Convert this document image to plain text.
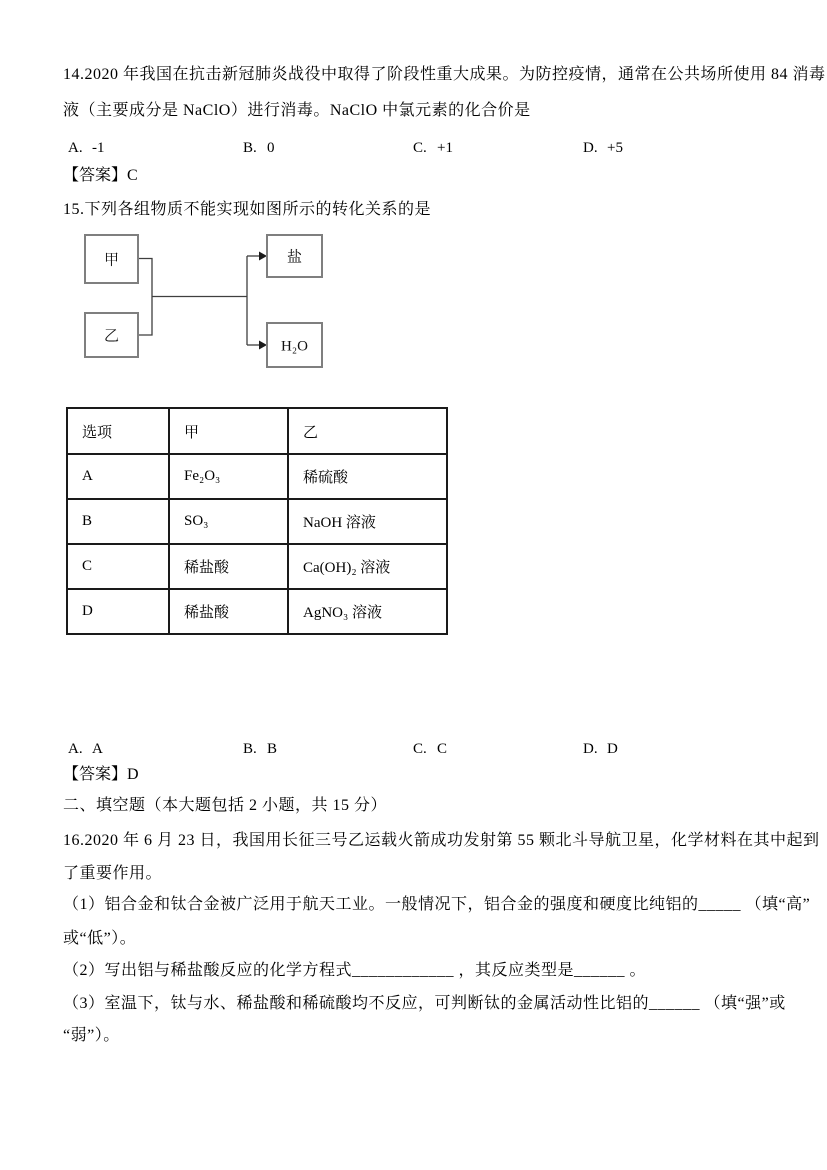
14.2020 年我国在抗击新冠肺炎战役中取得了阶段性重大成果。为防控疫情，通常在公共场所使用 84 消毒
液（主要成分是 NaClO）进行消毒。NaClO 中氯元素的化合价是
A. -1	B. 0	C. +1	D. +5
【答案】C
15.下列各组物质不能实现如图所示的转化关系的是
甲
乙
盐
H₂O
选项	甲	乙
A	Fe₂O₃	稀硫酸
B	SO₃	NaOH 溶液
C	稀盐酸	Ca(OH)₂ 溶液
D	稀盐酸	AgNO₃ 溶液
A. A	B. B	C. C	D. D
【答案】D
二、填空题（本大题包括 2 小题，共 15 分）
16.2020 年 6 月 23 日，我国用长征三号乙运载火箭成功发射第 55 颗北斗导航卫星，化学材料在其中起到
了重要作用。
（1）铝合金和钛合金被广泛用于航天工业。一般情况下，铝合金的强度和硬度比纯铝的_____ （填“高”
或“低”）。
（2）写出铝与稀盐酸反应的化学方程式____________ ，其反应类型是______ 。
（3）室温下，钛与水、稀盐酸和稀硫酸均不反应，可判断钛的金属活动性比铝的______ （填“强”或
“弱”）。
